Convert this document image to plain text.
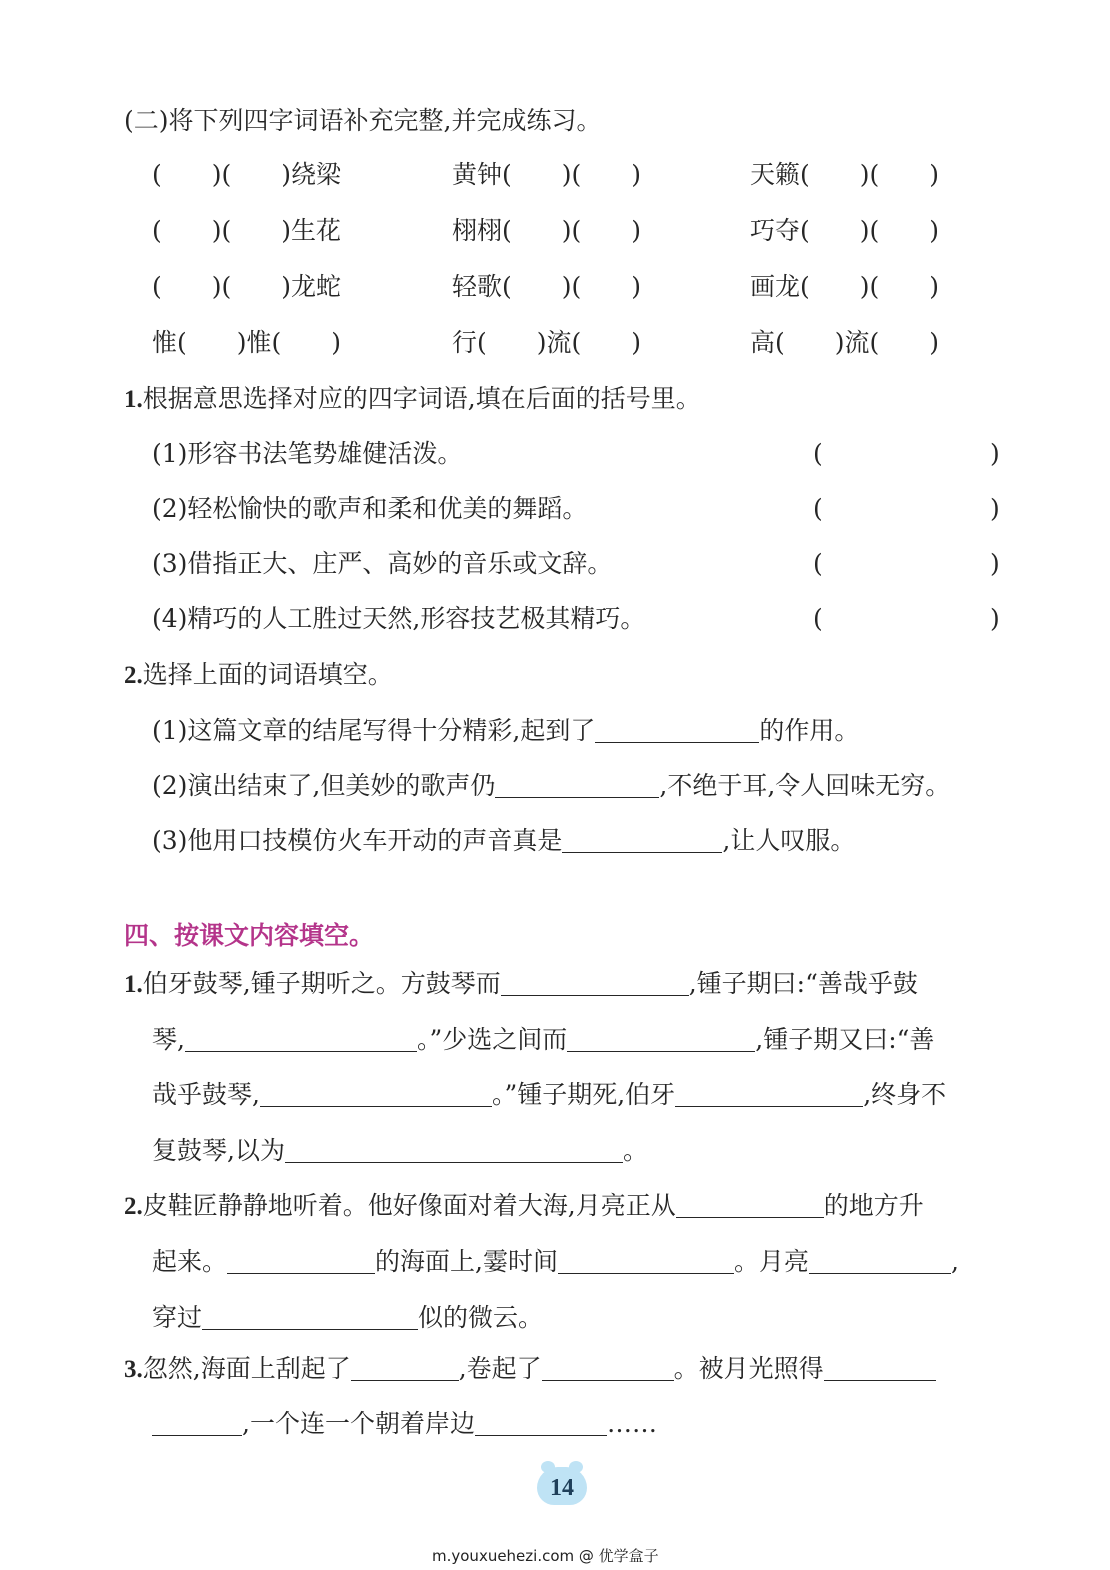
(二)将下列四字词语补充完整,并完成练习。
(　　)(　　)绕梁	黄钟(　　)(　　)	天籁(　　)(　　)
(　　)(　　)生花	栩栩(　　)(　　)	巧夺(　　)(　　)
(　　)(　　)龙蛇	轻歌(　　)(　　)	画龙(　　)(　　)
惟(　　)惟(　　)	行(　　)流(　　)	高(　　)流(　　)
1.根据意思选择对应的四字词语,填在后面的括号里。
(1)形容书法笔势雄健活泼。	(	)
(2)轻松愉快的歌声和柔和优美的舞蹈。	(	)
(3)借指正大、庄严、高妙的音乐或文辞。	(	)
(4)精巧的人工胜过天然,形容技艺极其精巧。	(	)
2.选择上面的词语填空。
(1)这篇文章的结尾写得十分精彩,起到了	的作用。
(2)演出结束了,但美妙的歌声仍	,不绝于耳,令人回味无穷。
(3)他用口技模仿火车开动的声音真是	,让人叹服。
四、按课文内容填空。
1.伯牙鼓琴,锺子期听之。方鼓琴而	,锺子期曰:“善哉乎鼓
琴,	。”少选之间而	,锺子期又曰:“善
哉乎鼓琴,	。”锺子期死,伯牙	,终身不
复鼓琴,以为	。
2.皮鞋匠静静地听着。他好像面对着大海,月亮正从	的地方升
起来。	的海面上,霎时间	。月亮	,
穿过	似的微云。
3.忽然,海面上刮起了	,卷起了	。被月光照得
,一个连一个朝着岸边	……
14
m.youxuehezi.com @ 优学盒子
